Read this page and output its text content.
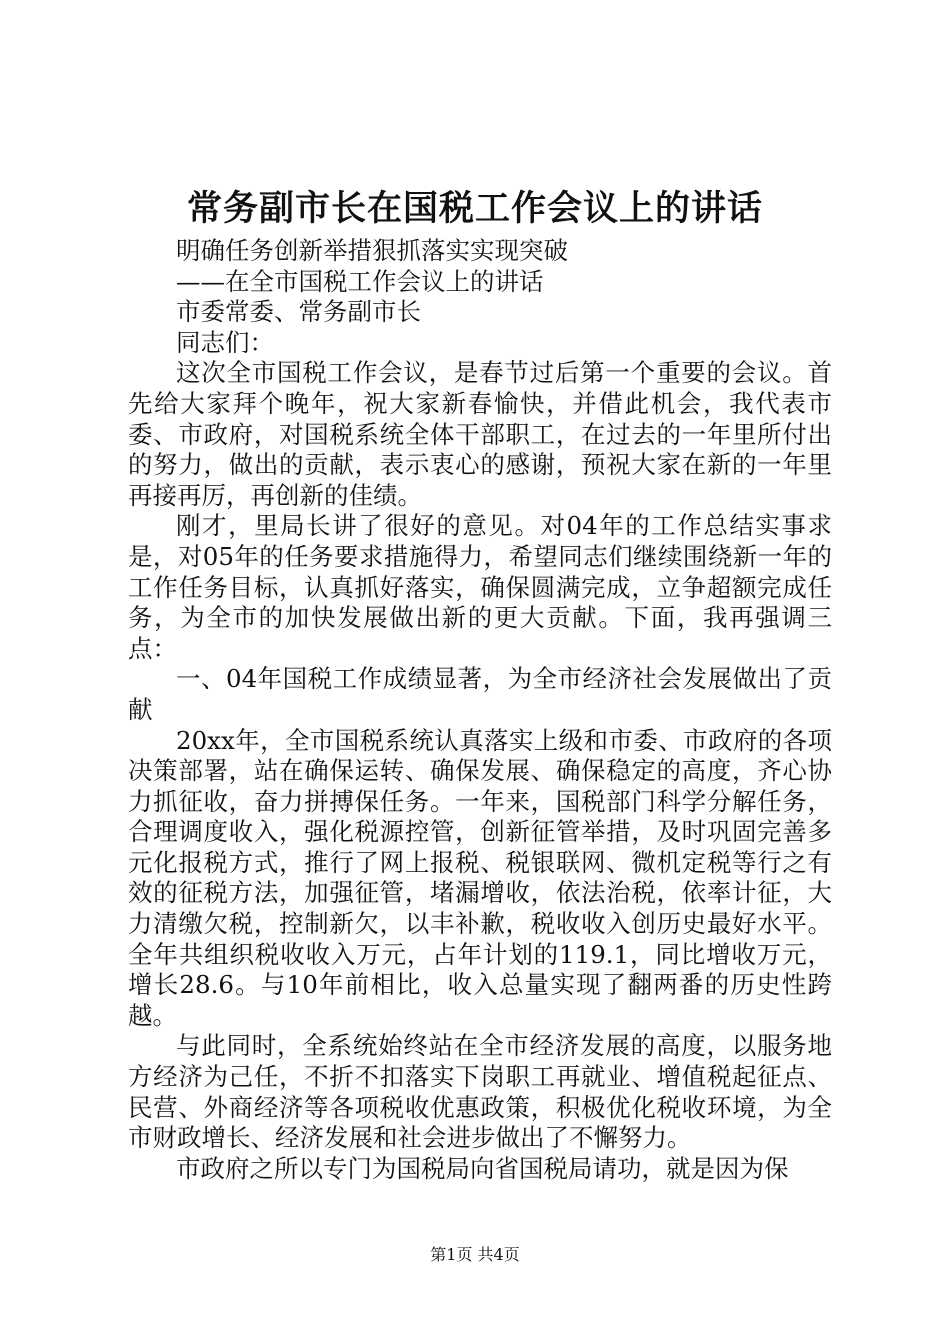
常务副市长在国税工作会议上的讲话

明确任务创新举措狠抓落实实现突破

——在全市国税工作会议上的讲话

市委常委、常务副市长

同志们：

这次全市国税工作会议，是春节过后第一个重要的会议。首先给大家拜个晚年，祝大家新春愉快，并借此机会，我代表市委、市政府，对国税系统全体干部职工，在过去的一年里所付出的努力，做出的贡献，表示衷心的感谢，预祝大家在新的一年里再接再厉，再创新的佳绩。

刚才，里局长讲了很好的意见。对04年的工作总结实事求是，对05年的任务要求措施得力，希望同志们继续围绕新一年的工作任务目标，认真抓好落实，确保圆满完成，立争超额完成任务，为全市的加快发展做出新的更大贡献。下面，我再强调三点：

一、04年国税工作成绩显著，为全市经济社会发展做出了贡献

20xx年，全市国税系统认真落实上级和市委、市政府的各项决策部署，站在确保运转、确保发展、确保稳定的高度，齐心协力抓征收，奋力拼搏保任务。一年来，国税部门科学分解任务，合理调度收入，强化税源控管，创新征管举措，及时巩固完善多元化报税方式，推行了网上报税、税银联网、微机定税等行之有效的征税方法，加强征管，堵漏增收，依法治税，依率计征，大力清缴欠税，控制新欠，以丰补歉，税收收入创历史最好水平。全年共组织税收收入万元，占年计划的119.1，同比增收万元，增长28.6。与10年前相比，收入总量实现了翻两番的历史性跨越。

与此同时，全系统始终站在全市经济发展的高度，以服务地方经济为己任，不折不扣落实下岗职工再就业、增值税起征点、民营、外商经济等各项税收优惠政策，积极优化税收环境，为全市财政增长、经济发展和社会进步做出了不懈努力。

市政府之所以专门为国税局向省国税局请功，就是因为保

第1页 共4页
